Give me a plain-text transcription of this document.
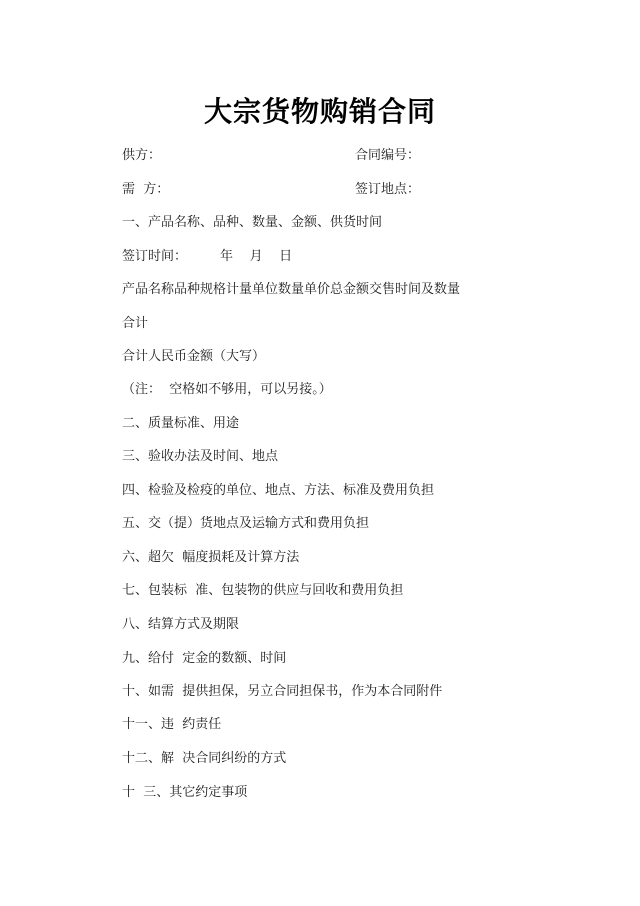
大宗货物购销合同
供方：	合同编号：
需  方：	签订地点：
一、产品名称、品种、数量、金额、供货时间
签订时间：        年    月    日
产品名称品种规格计量单位数量单价总金额交售时间及数量
合计
合计人民币金额（大写）
（注：  空格如不够用，可以另接。）
二、质量标准、用途
三、验收办法及时间、地点
四、检验及检疫的单位、地点、方法、标准及费用负担
五、交（提）货地点及运输方式和费用负担
六、超欠  幅度损耗及计算方法
七、包装标  准、包装物的供应与回收和费用负担
八、结算方式及期限
九、给付  定金的数额、时间
十、如需  提供担保，另立合同担保书，作为本合同附件
十一、违  约责任
十二、解  决合同纠纷的方式
十  三、其它约定事项
